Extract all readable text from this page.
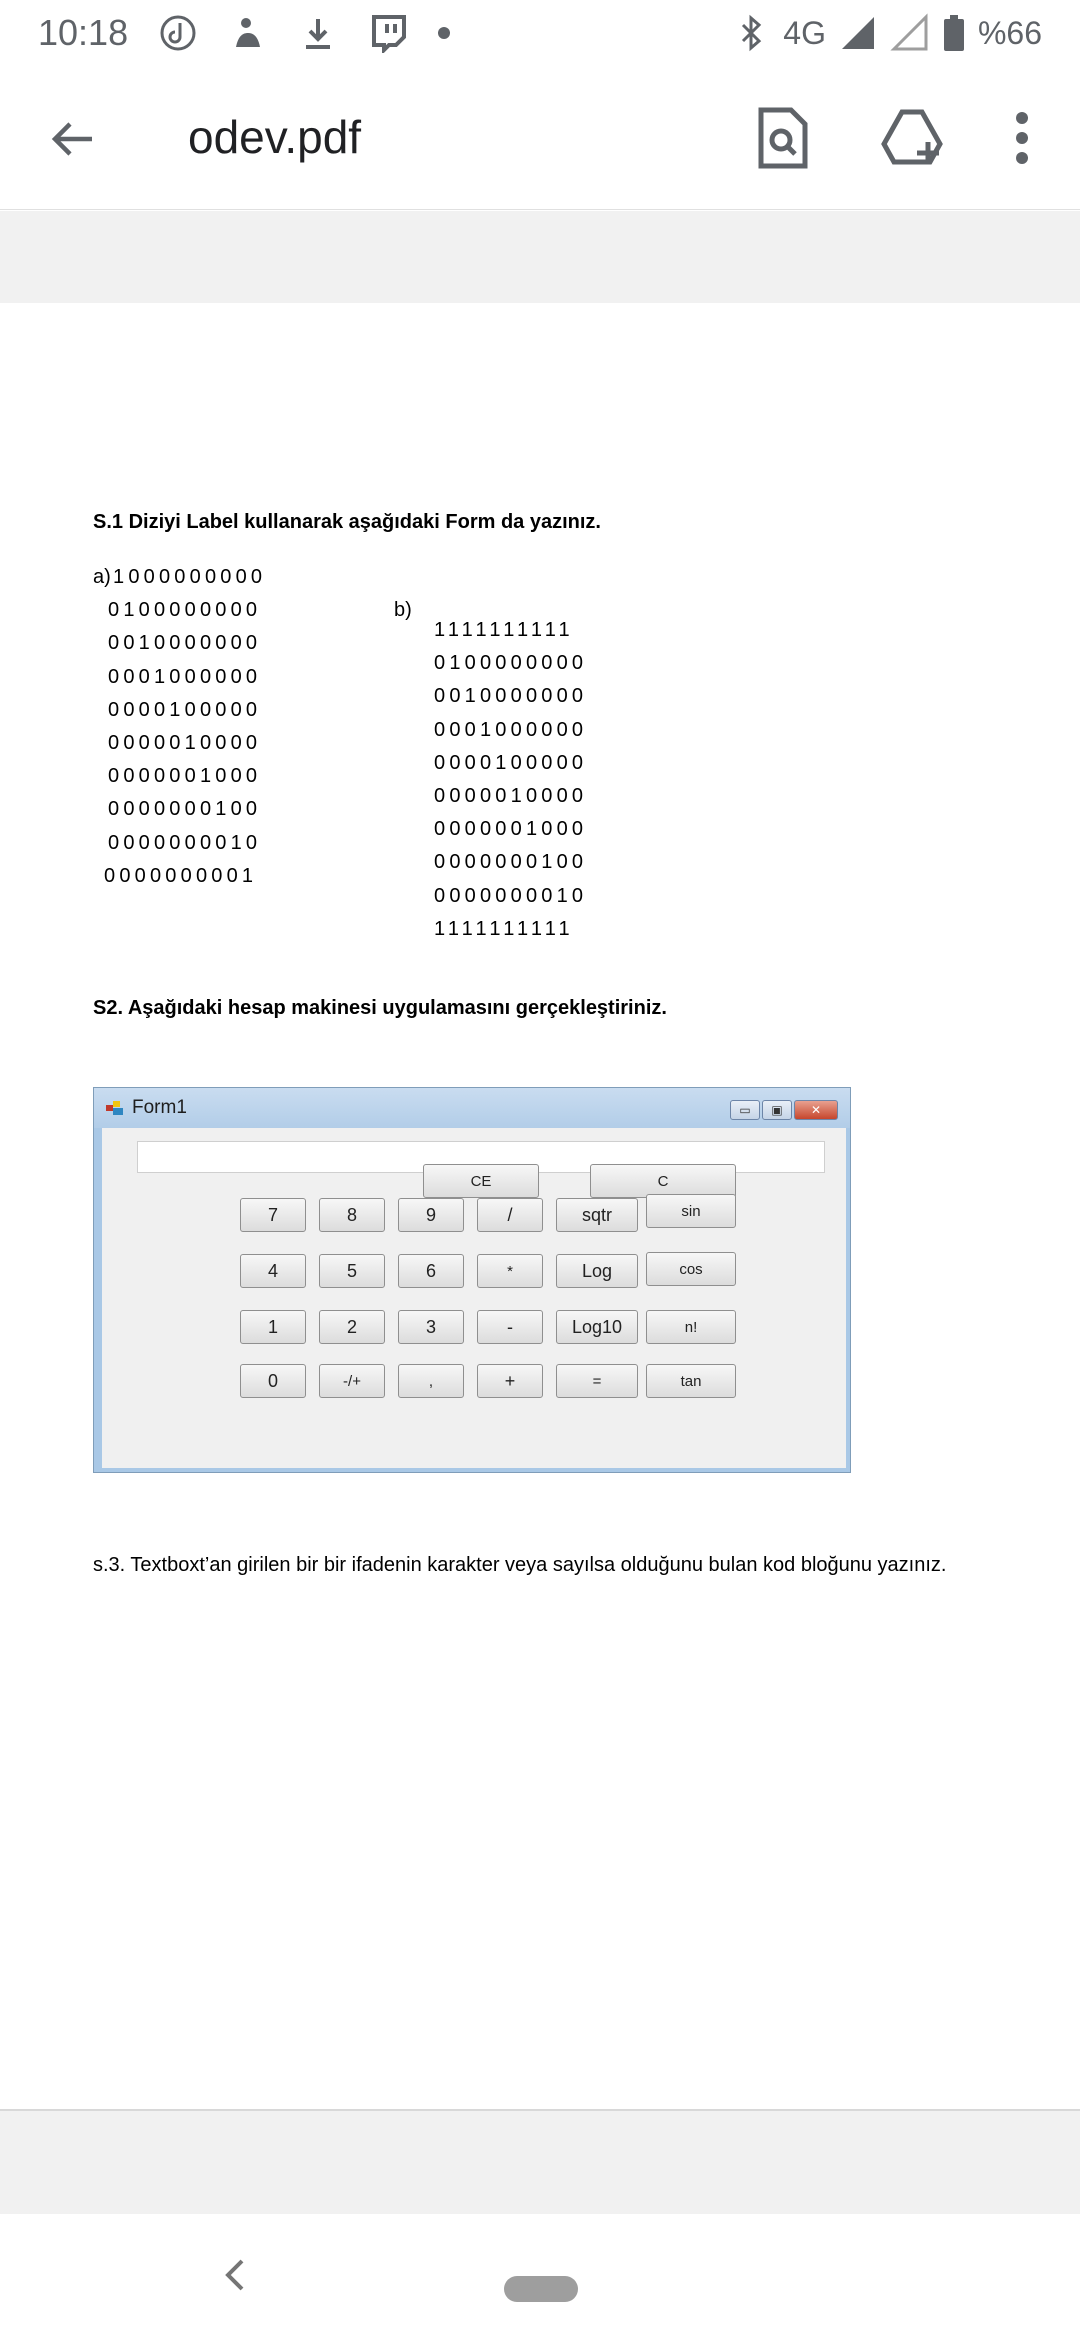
10:18	4G	%66
odev.pdf
S.1 Diziyi Label kullanarak aşağıdaki Form da yazınız.
a) 1000000000
0100000000
0010000000
0001000000
0000100000
0000010000
0000001000
0000000100
0000000010
0000000001
b)
1111111111
0100000000
0010000000
0001000000
0000100000
0000010000
0000001000
0000000100
0000000010
1111111111
S2. Aşağıdaki hesap makinesi uygulamasını gerçekleştiriniz.
Form1	▭	▣	✕
CE	C
7	8	9	/	sqtr	sin
4	5	6	*	Log	cos
1	2	3	-	Log10	n!
0	-/+	,	+	=	tan
s.3. Textboxt’an girilen bir bir ifadenin karakter veya sayılsa olduğunu bulan kod bloğunu yazınız.
